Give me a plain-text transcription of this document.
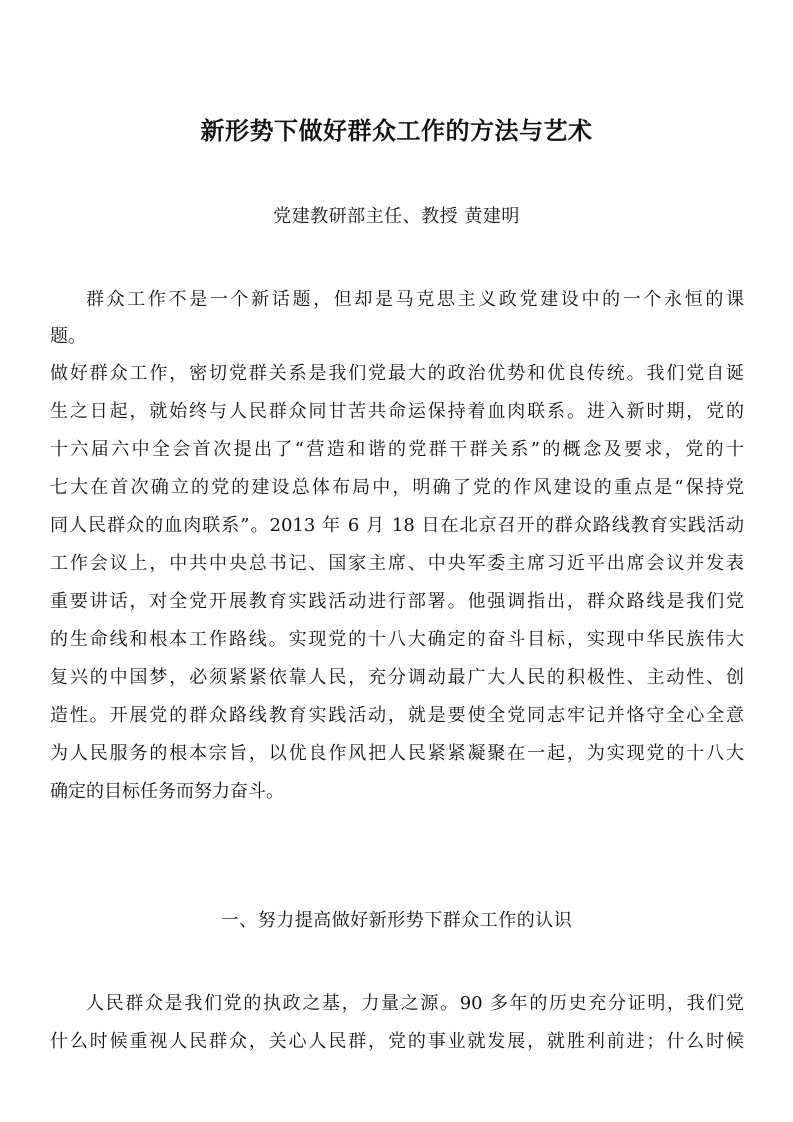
新形势下做好群众工作的方法与艺术
党建教研部主任、教授 黄建明
群众工作不是一个新话题，但却是马克思主义政党建设中的一个永恒的课
题。
做好群众工作，密切党群关系是我们党最大的政治优势和优良传统。我们党自诞
生之日起，就始终与人民群众同甘苦共命运保持着血肉联系。进入新时期，党的
十六届六中全会首次提出了“营造和谐的党群干群关系”的概念及要求，党的十
七大在首次确立的党的建设总体布局中，明确了党的作风建设的重点是“保持党
同人民群众的血肉联系”。2013 年 6 月 18 日在北京召开的群众路线教育实践活动
工作会议上，中共中央总书记、国家主席、中央军委主席习近平出席会议并发表
重要讲话，对全党开展教育实践活动进行部署。他强调指出，群众路线是我们党
的生命线和根本工作路线。实现党的十八大确定的奋斗目标，实现中华民族伟大
复兴的中国梦，必须紧紧依靠人民，充分调动最广大人民的积极性、主动性、创
造性。开展党的群众路线教育实践活动，就是要使全党同志牢记并恪守全心全意
为人民服务的根本宗旨，以优良作风把人民紧紧凝聚在一起，为实现党的十八大
确定的目标任务而努力奋斗。
一、努力提高做好新形势下群众工作的认识
人民群众是我们党的执政之基，力量之源。90 多年的历史充分证明，我们党
什么时候重视人民群众，关心人民群，党的事业就发展，就胜利前进；什么时候
